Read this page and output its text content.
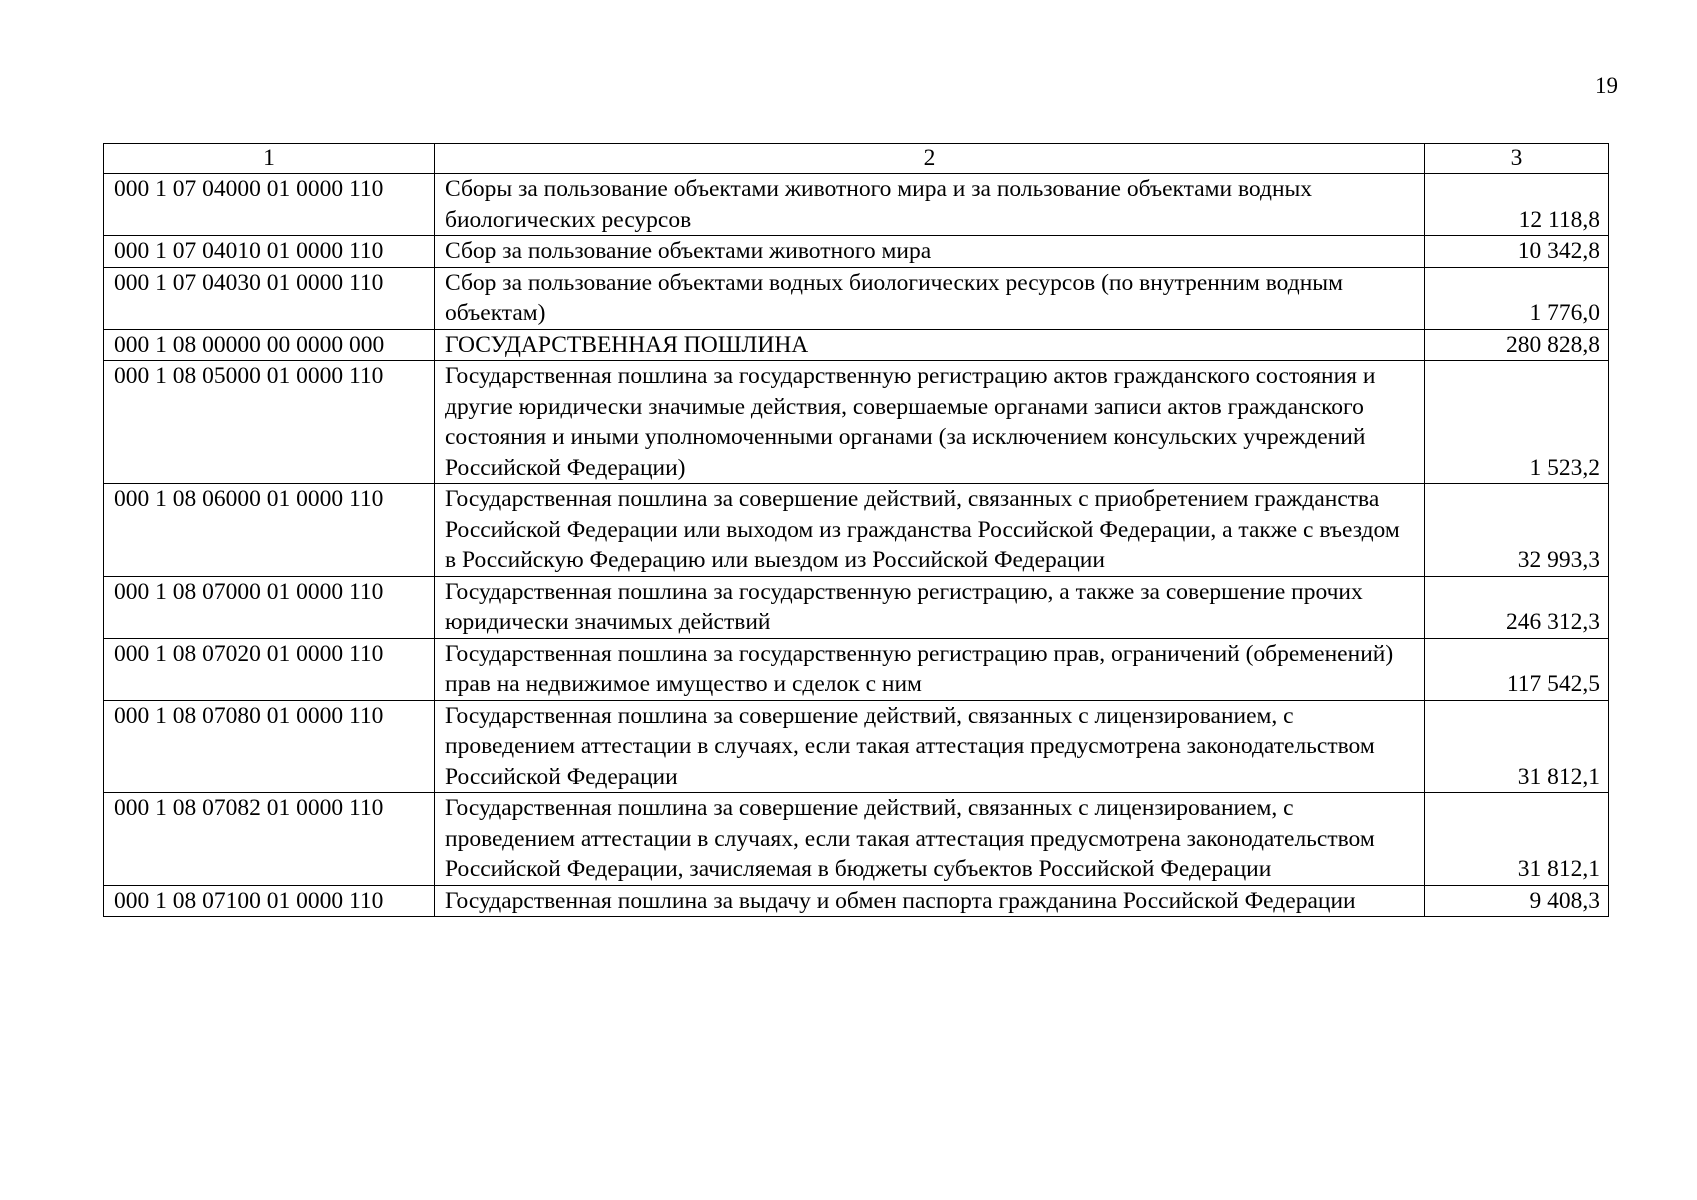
19
1	2	3
000 1 07 04000 01 0000 110	Сборы за пользование объектами животного мира и за пользование объектами водных биологических ресурсов	12 118,8
000 1 07 04010 01 0000 110	Сбор за пользование объектами животного мира	10 342,8
000 1 07 04030 01 0000 110	Сбор за пользование объектами водных биологических ресурсов (по внутренним водным объектам)	1 776,0
000 1 08 00000 00 0000 000	ГОСУДАРСТВЕННАЯ ПОШЛИНА	280 828,8
000 1 08 05000 01 0000 110	Государственная пошлина за государственную регистрацию актов гражданского состояния и другие юридически значимые действия, совершаемые органами записи актов гражданского состояния и иными уполномоченными органами (за исключением консульских учреждений Российской Федерации)	1 523,2
000 1 08 06000 01 0000 110	Государственная пошлина за совершение действий, связанных с приобретением гражданства Российской Федерации или выходом из гражданства Российской Федерации, а также с въездом в Российскую Федерацию или выездом из Российской Федерации	32 993,3
000 1 08 07000 01 0000 110	Государственная пошлина за государственную регистрацию, а также за совершение прочих юридически значимых действий	246 312,3
000 1 08 07020 01 0000 110	Государственная пошлина за государственную регистрацию прав, ограничений (обременений) прав на недвижимое имущество и сделок с ним	117 542,5
000 1 08 07080 01 0000 110	Государственная пошлина за совершение действий, связанных с лицензированием, с проведением аттестации в случаях, если такая аттестация предусмотрена законодательством Российской Федерации	31 812,1
000 1 08 07082 01 0000 110	Государственная пошлина за совершение действий, связанных с лицензированием, с проведением аттестации в случаях, если такая аттестация предусмотрена законодательством Российской Федерации, зачисляемая в бюджеты субъектов Российской Федерации	31 812,1
000 1 08 07100 01 0000 110	Государственная пошлина за выдачу и обмен паспорта гражданина Российской Федерации	9 408,3
